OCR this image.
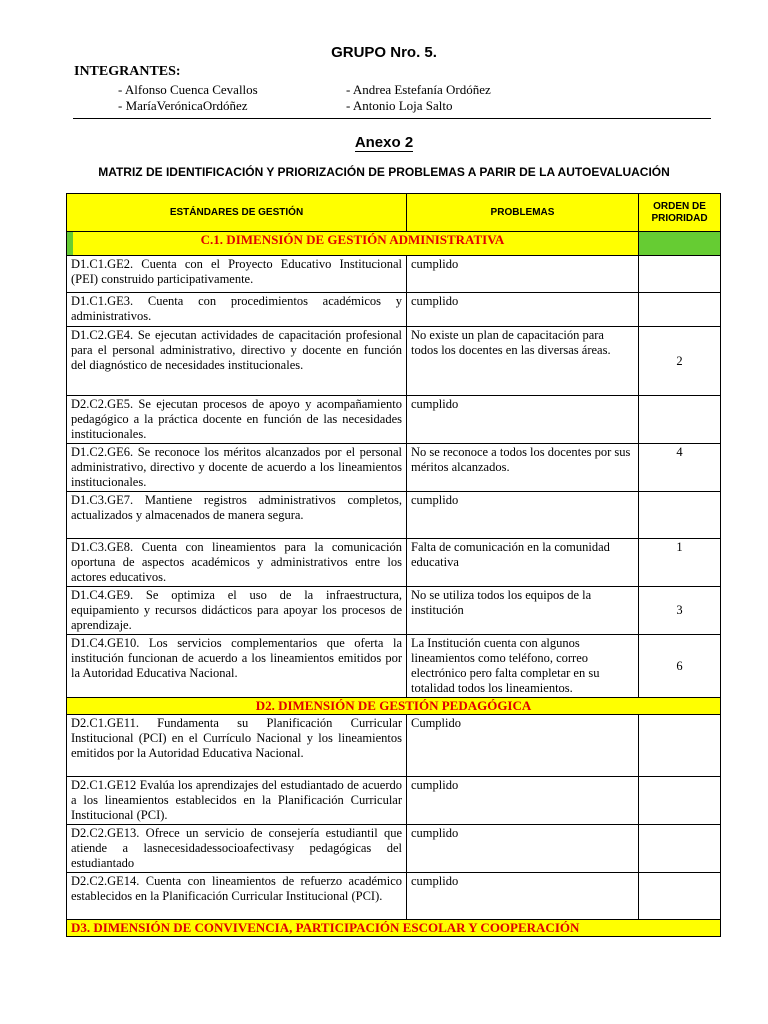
GRUPO Nro. 5.
INTEGRANTES:
- Alfonso Cuenca Cevallos	- Andrea Estefanía Ordóñez
- MaríaVerónicaOrdóñez	- Antonio Loja Salto
Anexo 2
MATRIZ DE IDENTIFICACIÓN Y PRIORIZACIÓN DE PROBLEMAS A PARIR DE LA AUTOEVALUACIÓN
ESTÁNDARES DE GESTIÓN	PROBLEMAS	ORDEN DE PRIORIDAD

C.1. DIMENSIÓN DE GESTIÓN ADMINISTRATIVA		
D1.C1.GE2. Cuenta con el Proyecto Educativo Institucional (PEI) construido participativamente.	cumplido	
D1.C1.GE3. Cuenta con procedimientos académicos y administrativos.	cumplido	
D1.C2.GE4. Se ejecutan actividades de capacitación profesional para el personal administrativo, directivo y docente en función del diagnóstico de necesidades institucionales.	No existe un plan de capacitación para todos los docentes en las diversas áreas.	2
D2.C2.GE5. Se ejecutan procesos de apoyo y acompañamiento pedagógico a la práctica docente en función de las necesidades institucionales.	cumplido	
D1.C2.GE6. Se reconoce los méritos alcanzados por el personal administrativo, directivo y docente de acuerdo a los lineamientos institucionales.	No se reconoce a todos los docentes por sus méritos alcanzados.	4
D1.C3.GE7. Mantiene registros administrativos completos, actualizados y almacenados de manera segura.	cumplido	
D1.C3.GE8. Cuenta con lineamientos para la comunicación oportuna de aspectos académicos y administrativos entre los actores educativos.	Falta de comunicación en la comunidad educativa	1
D1.C4.GE9. Se optimiza el uso de la infraestructura, equipamiento y recursos didácticos para apoyar los procesos de aprendizaje.	No se utiliza todos los equipos de la institución	3
D1.C4.GE10. Los servicios complementarios que oferta la institución funcionan de acuerdo a los lineamientos emitidos por la Autoridad Educativa Nacional.	La Institución cuenta con algunos lineamientos como teléfono, correo electrónico pero falta completar en su totalidad todos los lineamientos.	6
D2. DIMENSIÓN DE GESTIÓN PEDAGÓGICA		
D2.C1.GE11. Fundamenta su Planificación Curricular Institucional (PCI) en el Currículo Nacional y los lineamientos emitidos por la Autoridad Educativa Nacional.	Cumplido	
D2.C1.GE12 Evalúa los aprendizajes del estudiantado de acuerdo a los lineamientos establecidos en la Planificación Curricular Institucional (PCI).	cumplido	
D2.C2.GE13. Ofrece un servicio de consejería estudiantil que atiende a lasnecesidadessocioafectivasy pedagógicas del estudiantado	cumplido	
D2.C2.GE14. Cuenta con lineamientos de refuerzo académico establecidos en la Planificación Curricular Institucional (PCI).	cumplido	
D3. DIMENSIÓN DE CONVIVENCIA, PARTICIPACIÓN ESCOLAR Y COOPERACIÓN		
